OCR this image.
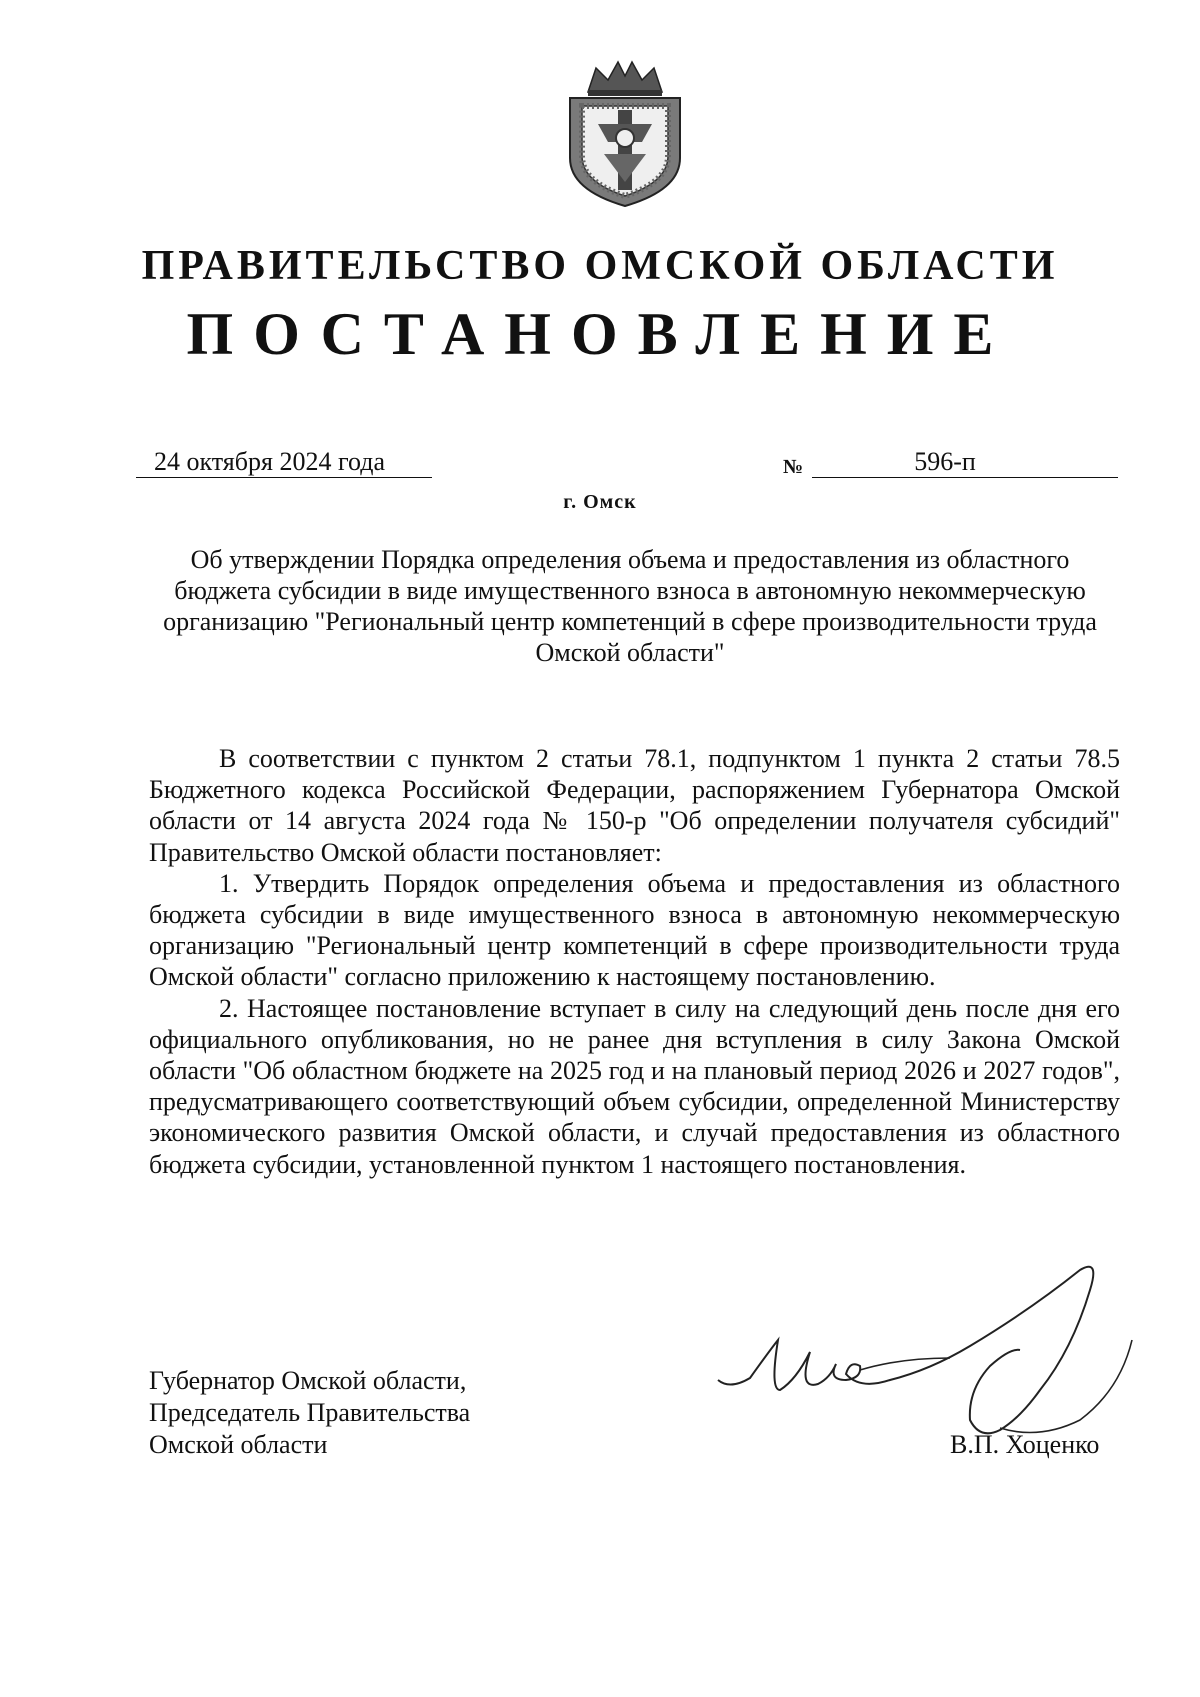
ПРАВИТЕЛЬСТВО ОМСКОЙ ОБЛАСТИ
ПОСТАНОВЛЕНИЕ
24 октября 2024 года	№	596-п
г. Омск
Об утверждении Порядка определения объема и предоставления из областного бюджета субсидии в виде имущественного взноса в автономную некоммерческую организацию "Региональный центр компетенций в сфере производительности труда Омской области"

В соответствии с пунктом 2 статьи 78.1, подпунктом 1 пункта 2 статьи 78.5 Бюджетного кодекса Российской Федерации, распоряжением Губернатора Омской области от 14 августа 2024 года № 150-р "Об определении получателя субсидий" Правительство Омской области постановляет:

1. Утвердить Порядок определения объема и предоставления из областного бюджета субсидии в виде имущественного взноса в автономную некоммерческую организацию "Региональный центр компетенций в сфере производительности труда Омской области" согласно приложению к настоящему постановлению.

2. Настоящее постановление вступает в силу на следующий день после дня его официального опубликования, но не ранее дня вступления в силу Закона Омской области "Об областном бюджете на 2025 год и на плановый период 2026 и 2027 годов", предусматривающего соответствующий объем субсидии, определенной Министерству экономического развития Омской области, и случай предоставления из областного бюджета субсидии, установленной пунктом 1 настоящего постановления.

Губернатор Омской области,
Председатель Правительства
Омской области	В.П. Хоценко
